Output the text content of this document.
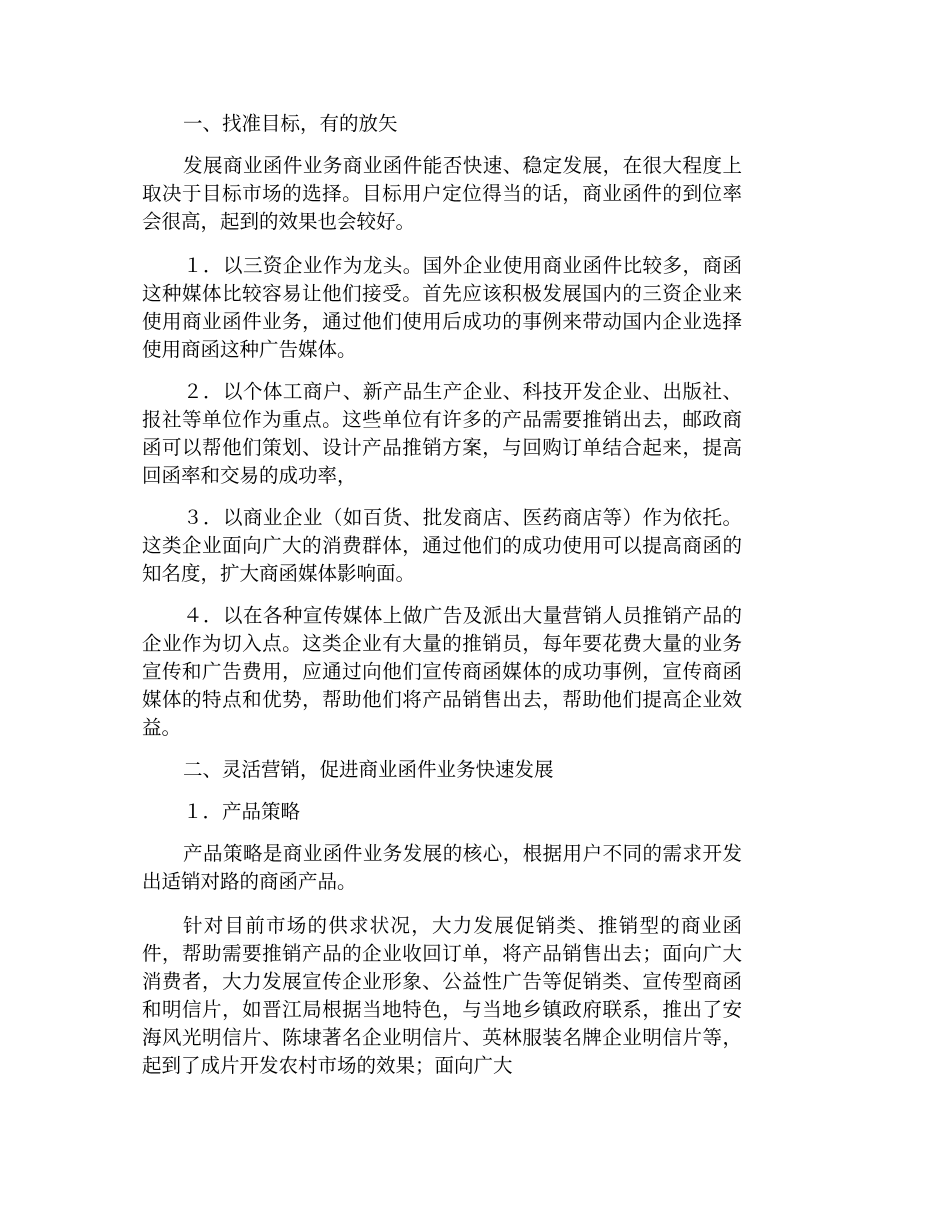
一、找准目标，有的放矢

发展商业函件业务商业函件能否快速、稳定发展，在很大程度上取决于目标市场的选择。目标用户定位得当的话，商业函件的到位率会很高，起到的效果也会较好。

１．以三资企业作为龙头。国外企业使用商业函件比较多，商函这种媒体比较容易让他们接受。首先应该积极发展国内的三资企业来使用商业函件业务，通过他们使用后成功的事例来带动国内企业选择使用商函这种广告媒体。

２．以个体工商户、新产品生产企业、科技开发企业、出版社、报社等单位作为重点。这些单位有许多的产品需要推销出去，邮政商函可以帮他们策划、设计产品推销方案，与回购订单结合起来，提高回函率和交易的成功率，

３．以商业企业（如百货、批发商店、医药商店等）作为依托。这类企业面向广大的消费群体，通过他们的成功使用可以提高商函的知名度，扩大商函媒体影响面。

４．以在各种宣传媒体上做广告及派出大量营销人员推销产品的企业作为切入点。这类企业有大量的推销员，每年要花费大量的业务宣传和广告费用，应通过向他们宣传商函媒体的成功事例，宣传商函媒体的特点和优势，帮助他们将产品销售出去，帮助他们提高企业效益。

二、灵活营销，促进商业函件业务快速发展

１．产品策略

产品策略是商业函件业务发展的核心，根据用户不同的需求开发出适销对路的商函产品。

针对目前市场的供求状况，大力发展促销类、推销型的商业函件，帮助需要推销产品的企业收回订单，将产品销售出去；面向广大消费者，大力发展宣传企业形象、公益性广告等促销类、宣传型商函和明信片，如晋江局根据当地特色，与当地乡镇政府联系，推出了安海风光明信片、陈埭著名企业明信片、英林服装名牌企业明信片等，起到了成片开发农村市场的效果；面向广大
